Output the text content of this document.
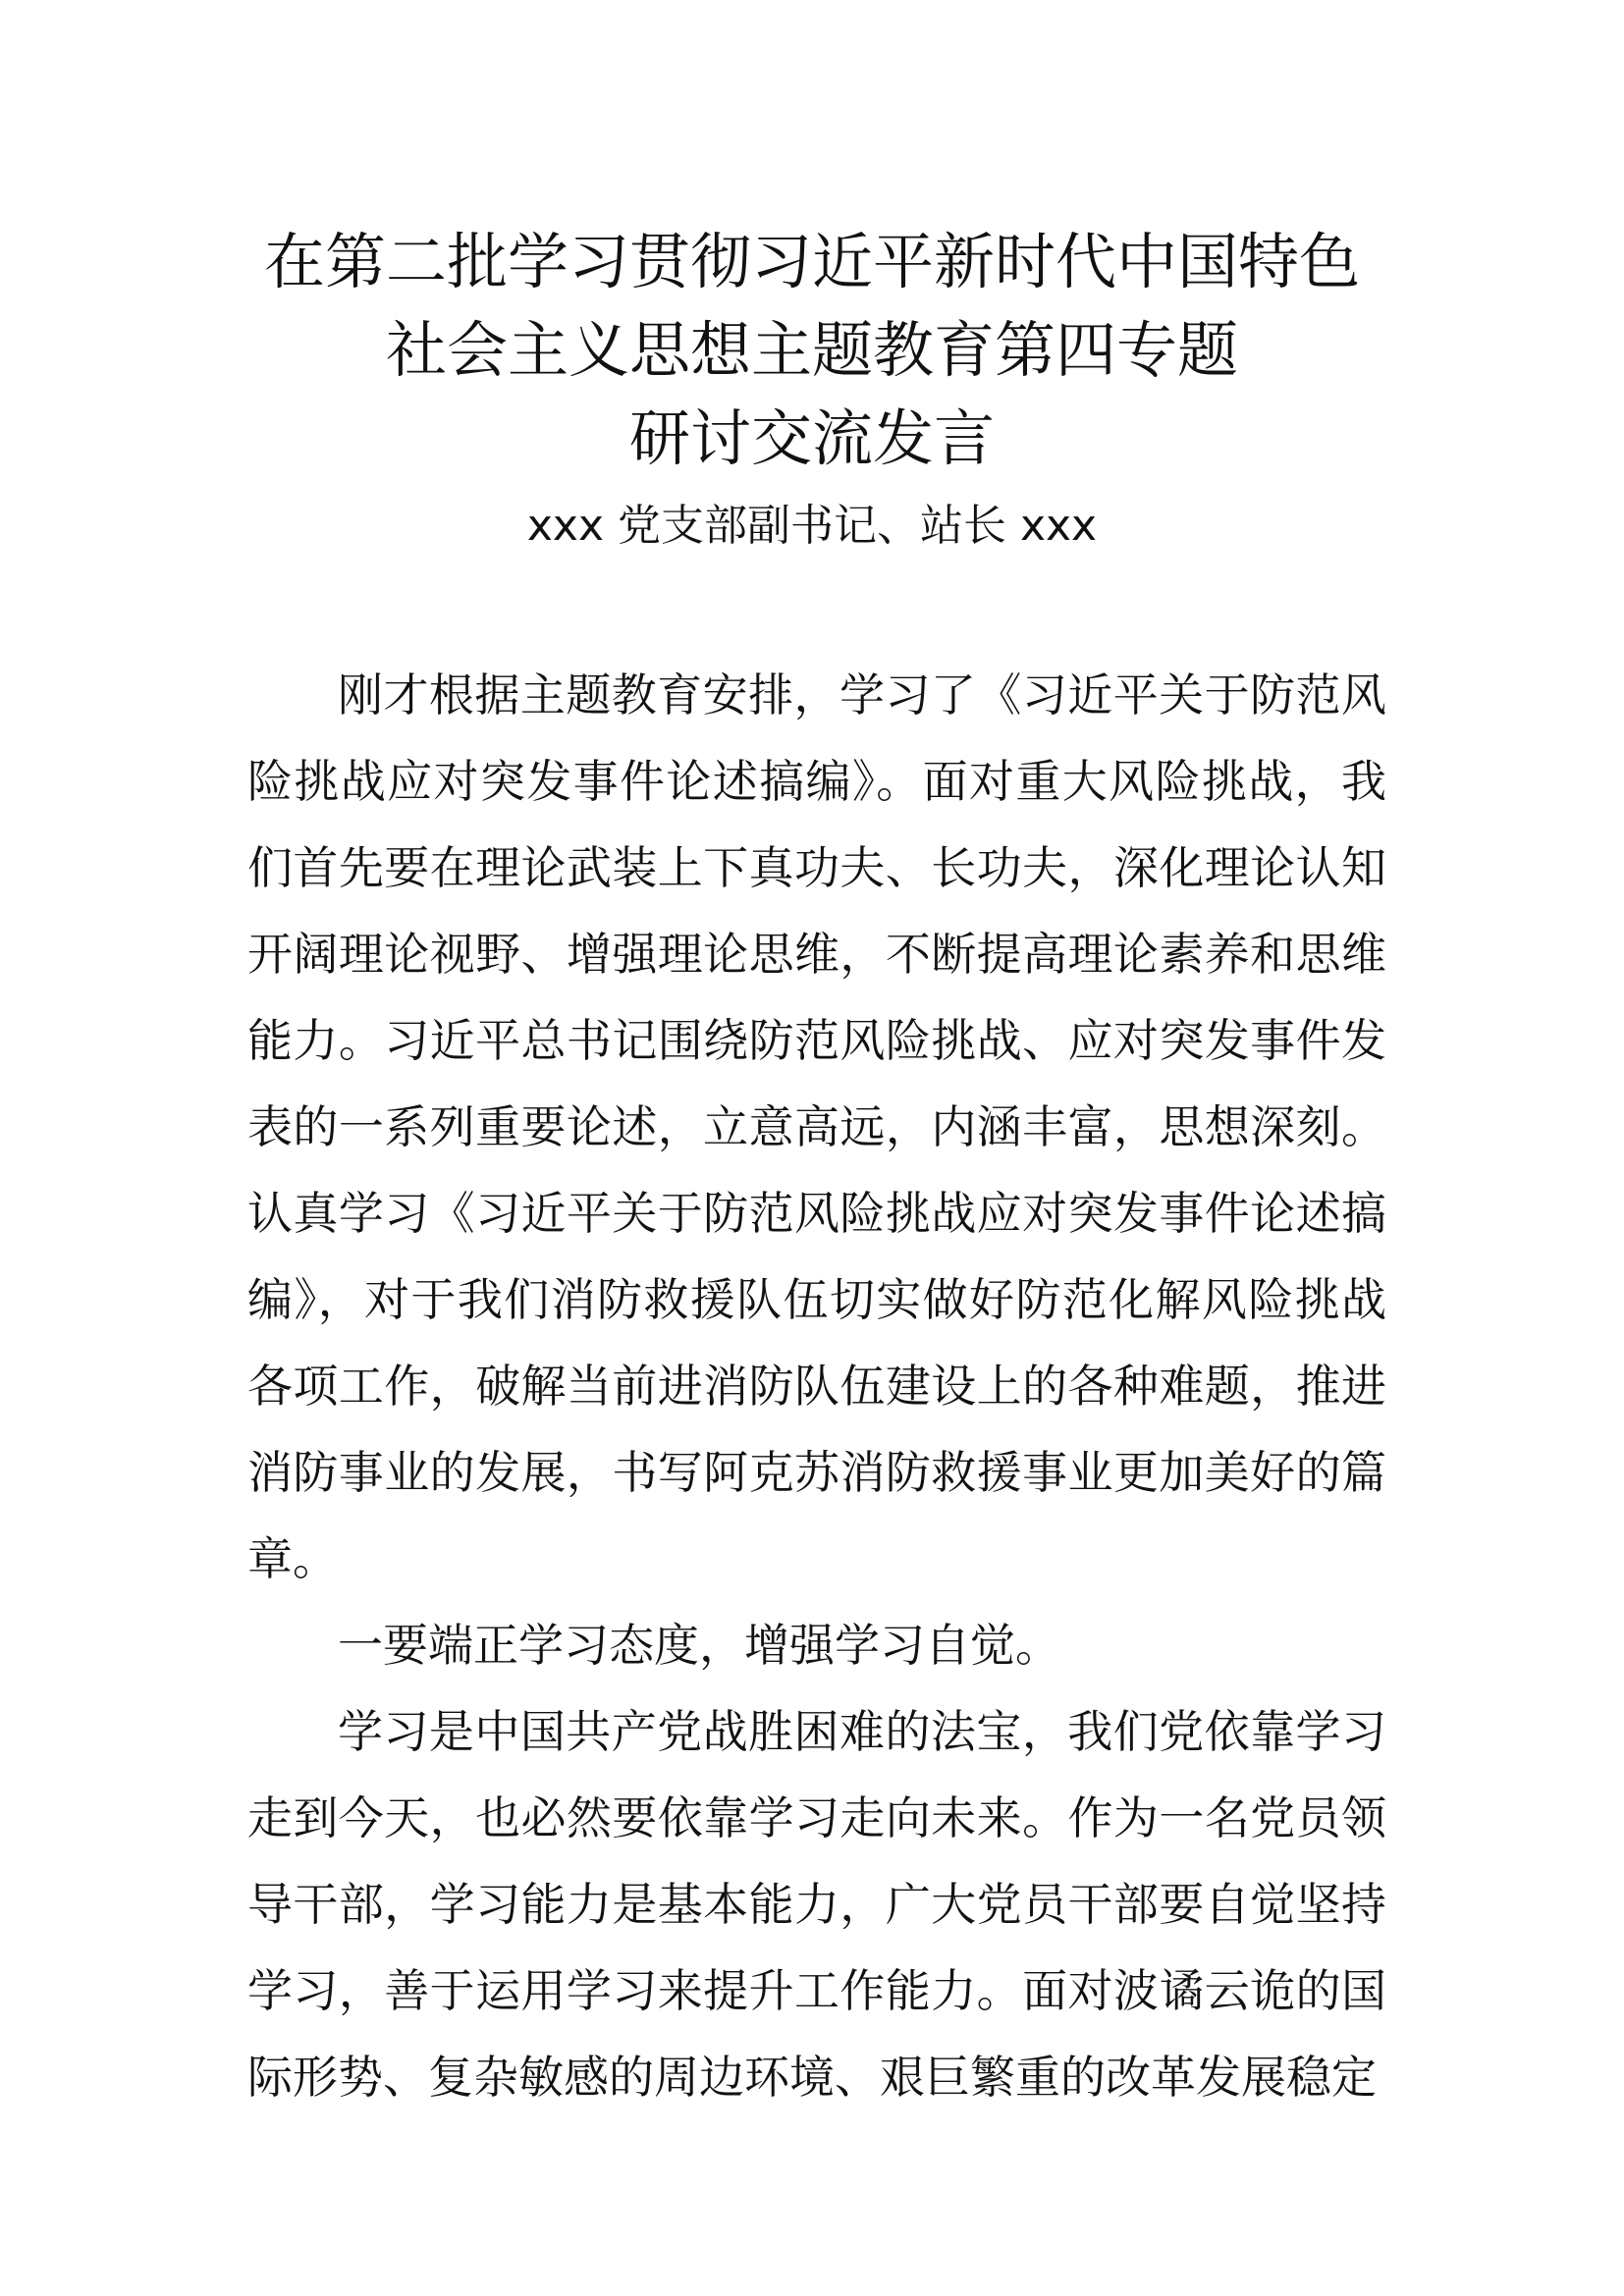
在第二批学习贯彻习近平新时代中国特色
社会主义思想主题教育第四专题
研讨交流发言
xxx 党支部副书记、站长 xxx

刚才根据主题教育安排，学习了《习近平关于防范风险挑战应对突发事件论述搞编》。面对重大风险挑战，我们首先要在理论武装上下真功夫、长功夫，深化理论认知开阔理论视野、增强理论思维，不断提高理论素养和思维能力。习近平总书记围绕防范风险挑战、应对突发事件发表的一系列重要论述，立意高远，内涵丰富，思想深刻。认真学习《习近平关于防范风险挑战应对突发事件论述搞编》，对于我们消防救援队伍切实做好防范化解风险挑战各项工作，破解当前进消防队伍建设上的各种难题，推进消防事业的发展，书写阿克苏消防救援事业更加美好的篇章。

一要端正学习态度，增强学习自觉。

学习是中国共产党战胜困难的法宝，我们党依靠学习走到今天，也必然要依靠学习走向未来。作为一名党员领导干部，学习能力是基本能力，广大党员干部要自觉坚持学习，善于运用学习来提升工作能力。面对波谲云诡的国际形势、复杂敏感的周边环境、艰巨繁重的改革发展稳定
